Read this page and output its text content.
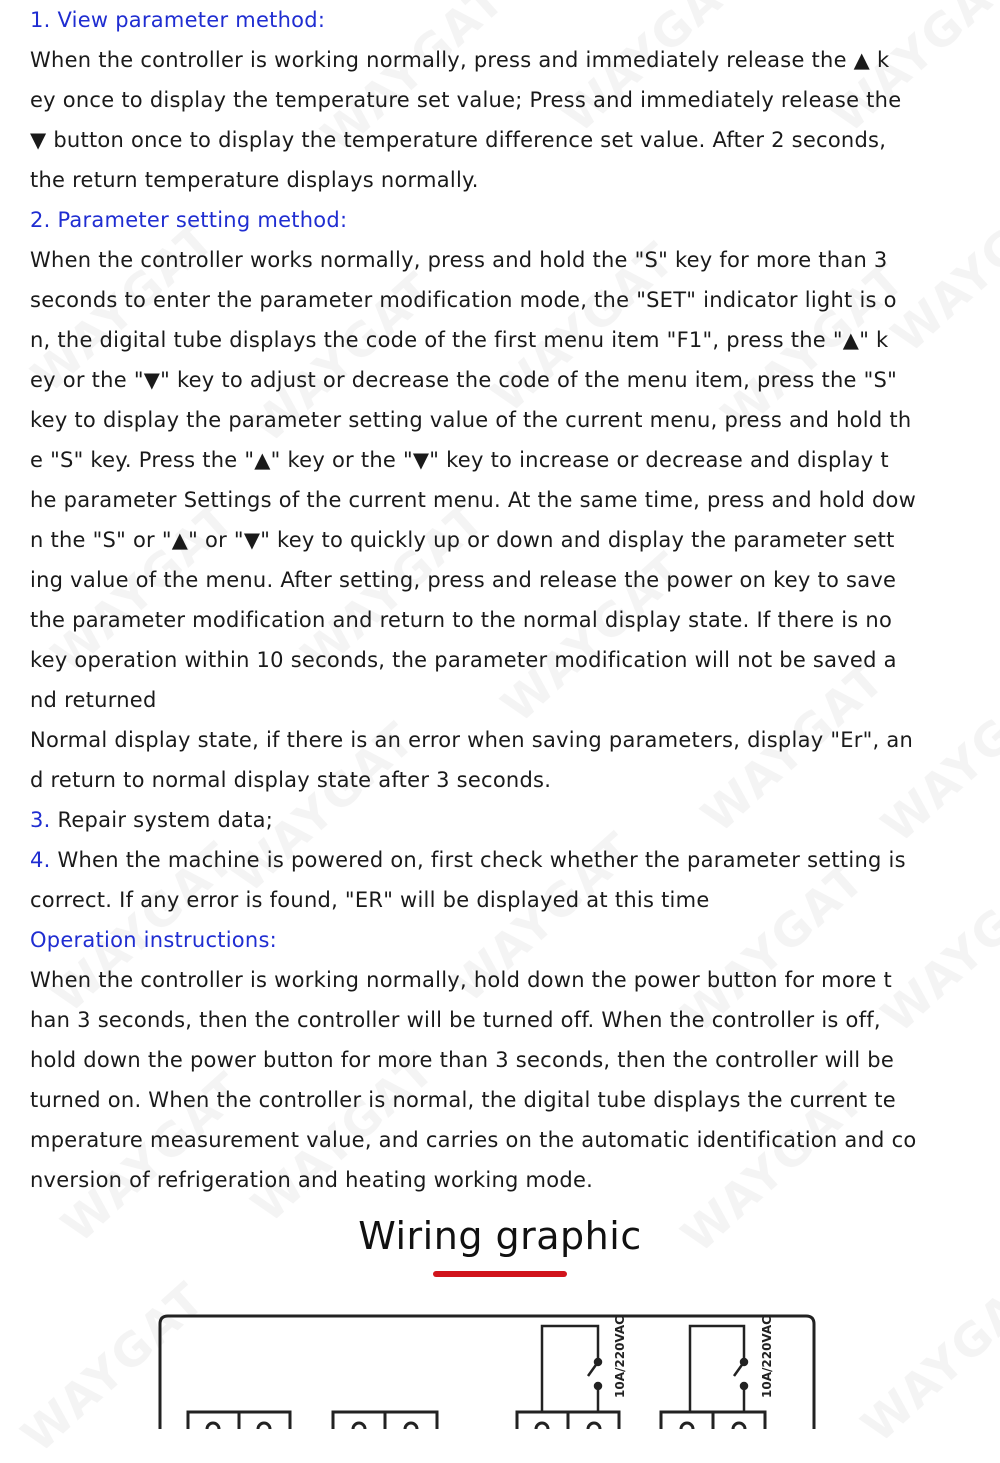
1. View parameter method:
When the controller is working normally, press and immediately release the ▲ k
ey once to display the temperature set value; Press and immediately release the
▼ button once to display the temperature difference set value. After 2 seconds,
the return temperature displays normally.
2. Parameter setting method:
When the controller works normally, press and hold the "S" key for more than 3
seconds to enter the parameter modification mode, the "SET" indicator light is o
n, the digital tube displays the code of the first menu item "F1", press the "▲" k
ey or the "▼" key to adjust or decrease the code of the menu item, press the "S"
key to display the parameter setting value of the current menu, press and hold th
e "S" key. Press the "▲" key or the "▼" key to increase or decrease and display t
he parameter Settings of the current menu. At the same time, press and hold dow
n the "S" or "▲" or "▼" key to quickly up or down and display the parameter sett
ing value of the menu. After setting, press and release the power on key to save
the parameter modification and return to the normal display state. If there is no
key operation within 10 seconds, the parameter modification will not be saved a
nd returned
Normal display state, if there is an error when saving parameters, display "Er", an
d return to normal display state after 3 seconds.
3. Repair system data;
4. When the machine is powered on, first check whether the parameter setting is
correct. If any error is found, "ER" will be displayed at this time
Operation instructions:
When the controller is working normally, hold down the power button for more t
han 3 seconds, then the controller will be turned off. When the controller is off,
hold down the power button for more than 3 seconds, then the controller will be
turned on. When the controller is normal, the digital tube displays the current te
mperature measurement value, and carries on the automatic identification and co
nversion of refrigeration and heating working mode.
Wiring graphic
10A/220VAC	10A/220VAC
